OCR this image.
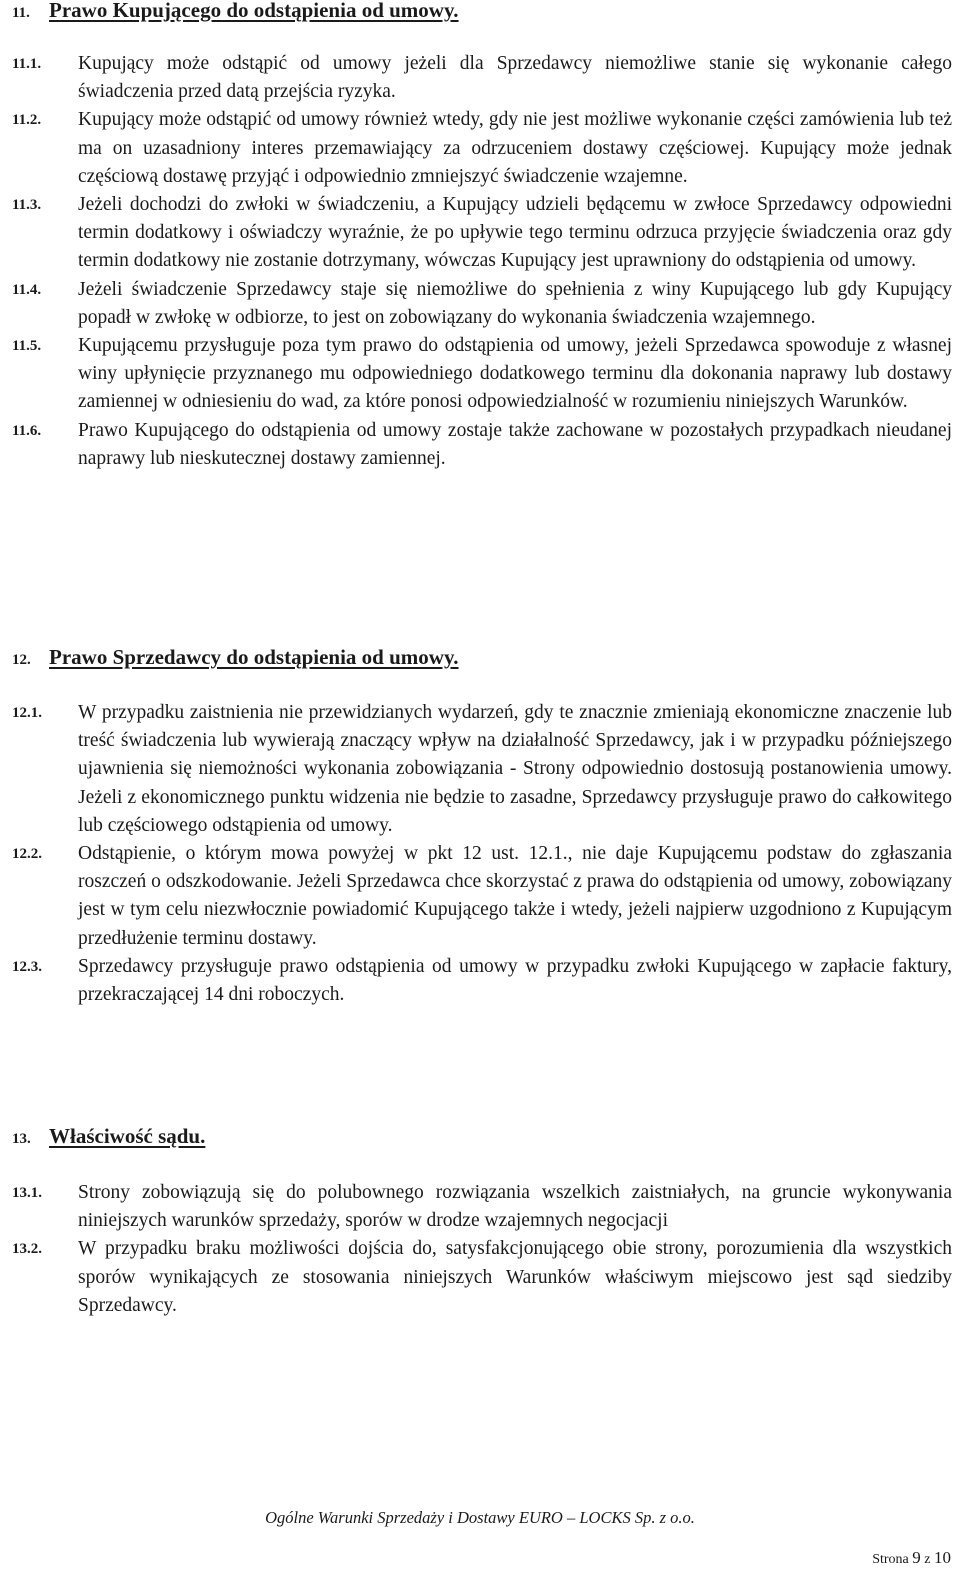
11. Prawo Kupującego do odstąpienia od umowy.
11.1.	Kupujący może odstąpić od umowy jeżeli dla Sprzedawcy niemożliwe stanie się wykonanie całego świadczenia przed datą przejścia ryzyka.
11.2.	Kupujący może odstąpić od umowy również wtedy, gdy nie jest możliwe wykonanie części zamówienia lub też ma on uzasadniony interes przemawiający za odrzuceniem dostawy częściowej. Kupujący może jednak częściową dostawę przyjąć i odpowiednio zmniejszyć świadczenie wzajemne.
11.3.	Jeżeli dochodzi do zwłoki w świadczeniu, a Kupujący udzieli będącemu w zwłoce Sprzedawcy odpowiedni termin dodatkowy i oświadczy wyraźnie, że po upływie tego terminu odrzuca przyjęcie świadczenia oraz gdy termin dodatkowy nie zostanie dotrzymany, wówczas Kupujący jest uprawniony do odstąpienia od umowy.
11.4.	Jeżeli świadczenie Sprzedawcy staje się niemożliwe do spełnienia z winy Kupującego lub gdy Kupujący popadł w zwłokę w odbiorze, to jest on zobowiązany do wykonania świadczenia wzajemnego.
11.5.	Kupującemu przysługuje poza tym prawo do odstąpienia od umowy, jeżeli Sprzedawca spowoduje z własnej winy upłynięcie przyznanego mu odpowiedniego dodatkowego terminu dla dokonania naprawy lub dostawy zamiennej w odniesieniu do wad, za które ponosi odpowiedzialność w rozumieniu niniejszych Warunków.
11.6.	Prawo Kupującego do odstąpienia od umowy zostaje także zachowane w pozostałych przypadkach nieudanej naprawy lub nieskutecznej dostawy zamiennej.
12. Prawo Sprzedawcy do odstąpienia od umowy.
12.1.	W przypadku zaistnienia nie przewidzianych wydarzeń, gdy te znacznie zmieniają ekonomiczne znaczenie lub treść świadczenia lub wywierają znaczący wpływ na działalność Sprzedawcy, jak i w przypadku późniejszego ujawnienia się niemożności wykonania zobowiązania - Strony odpowiednio dostosują postanowienia umowy. Jeżeli z ekonomicznego punktu widzenia nie będzie to zasadne, Sprzedawcy przysługuje prawo do całkowitego lub częściowego odstąpienia od umowy.
12.2.	Odstąpienie, o którym mowa powyżej w pkt 12 ust. 12.1., nie daje Kupującemu podstaw do zgłaszania roszczeń o odszkodowanie. Jeżeli Sprzedawca chce skorzystać z prawa do odstąpienia od umowy, zobowiązany jest w tym celu niezwłocznie powiadomić Kupującego także i wtedy, jeżeli najpierw uzgodniono z Kupującym przedłużenie terminu dostawy.
12.3.	Sprzedawcy przysługuje prawo odstąpienia od umowy w przypadku zwłoki Kupującego w zapłacie faktury, przekraczającej 14 dni roboczych.
13. Właściwość sądu.
13.1.	Strony zobowiązują się do polubownego rozwiązania wszelkich zaistniałych, na gruncie wykonywania niniejszych warunków sprzedaży, sporów w drodze wzajemnych negocjacji
13.2.	W przypadku braku możliwości dojścia do, satysfakcjonującego obie strony, porozumienia dla wszystkich sporów wynikających ze stosowania niniejszych Warunków właściwym miejscowo jest sąd siedziby Sprzedawcy.
Ogólne Warunki Sprzedaży i Dostawy EURO – LOCKS Sp. z o.o.
Strona 9 z 10
